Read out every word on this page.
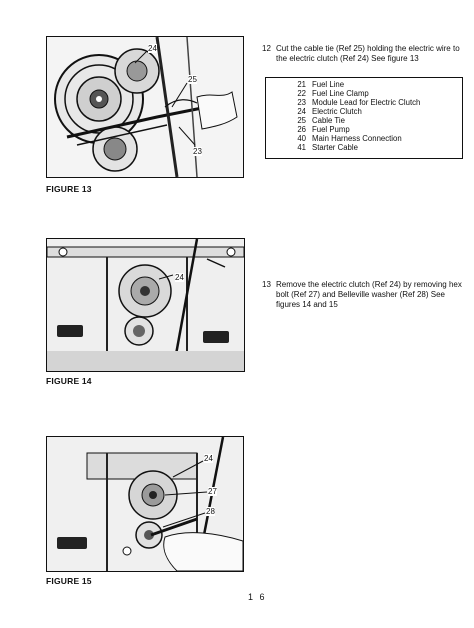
24
25
23
FIGURE 13
12 Cut the cable tie (Ref 25) holding the electric wire to the electric clutch (Ref 24) See figure 13
21 Fuel Line
22 Fuel Line Clamp
23 Module Lead for Electric Clutch
24 Electric Clutch
25 Cable Tie
26 Fuel Pump
40 Main Harness Connection
41 Starter Cable
24
FIGURE 14
13 Remove the electric clutch (Ref 24) by removing hex bolt (Ref 27) and Belleville washer (Ref 28) See figures 14 and 15
24
27
28
FIGURE 15
1 6
